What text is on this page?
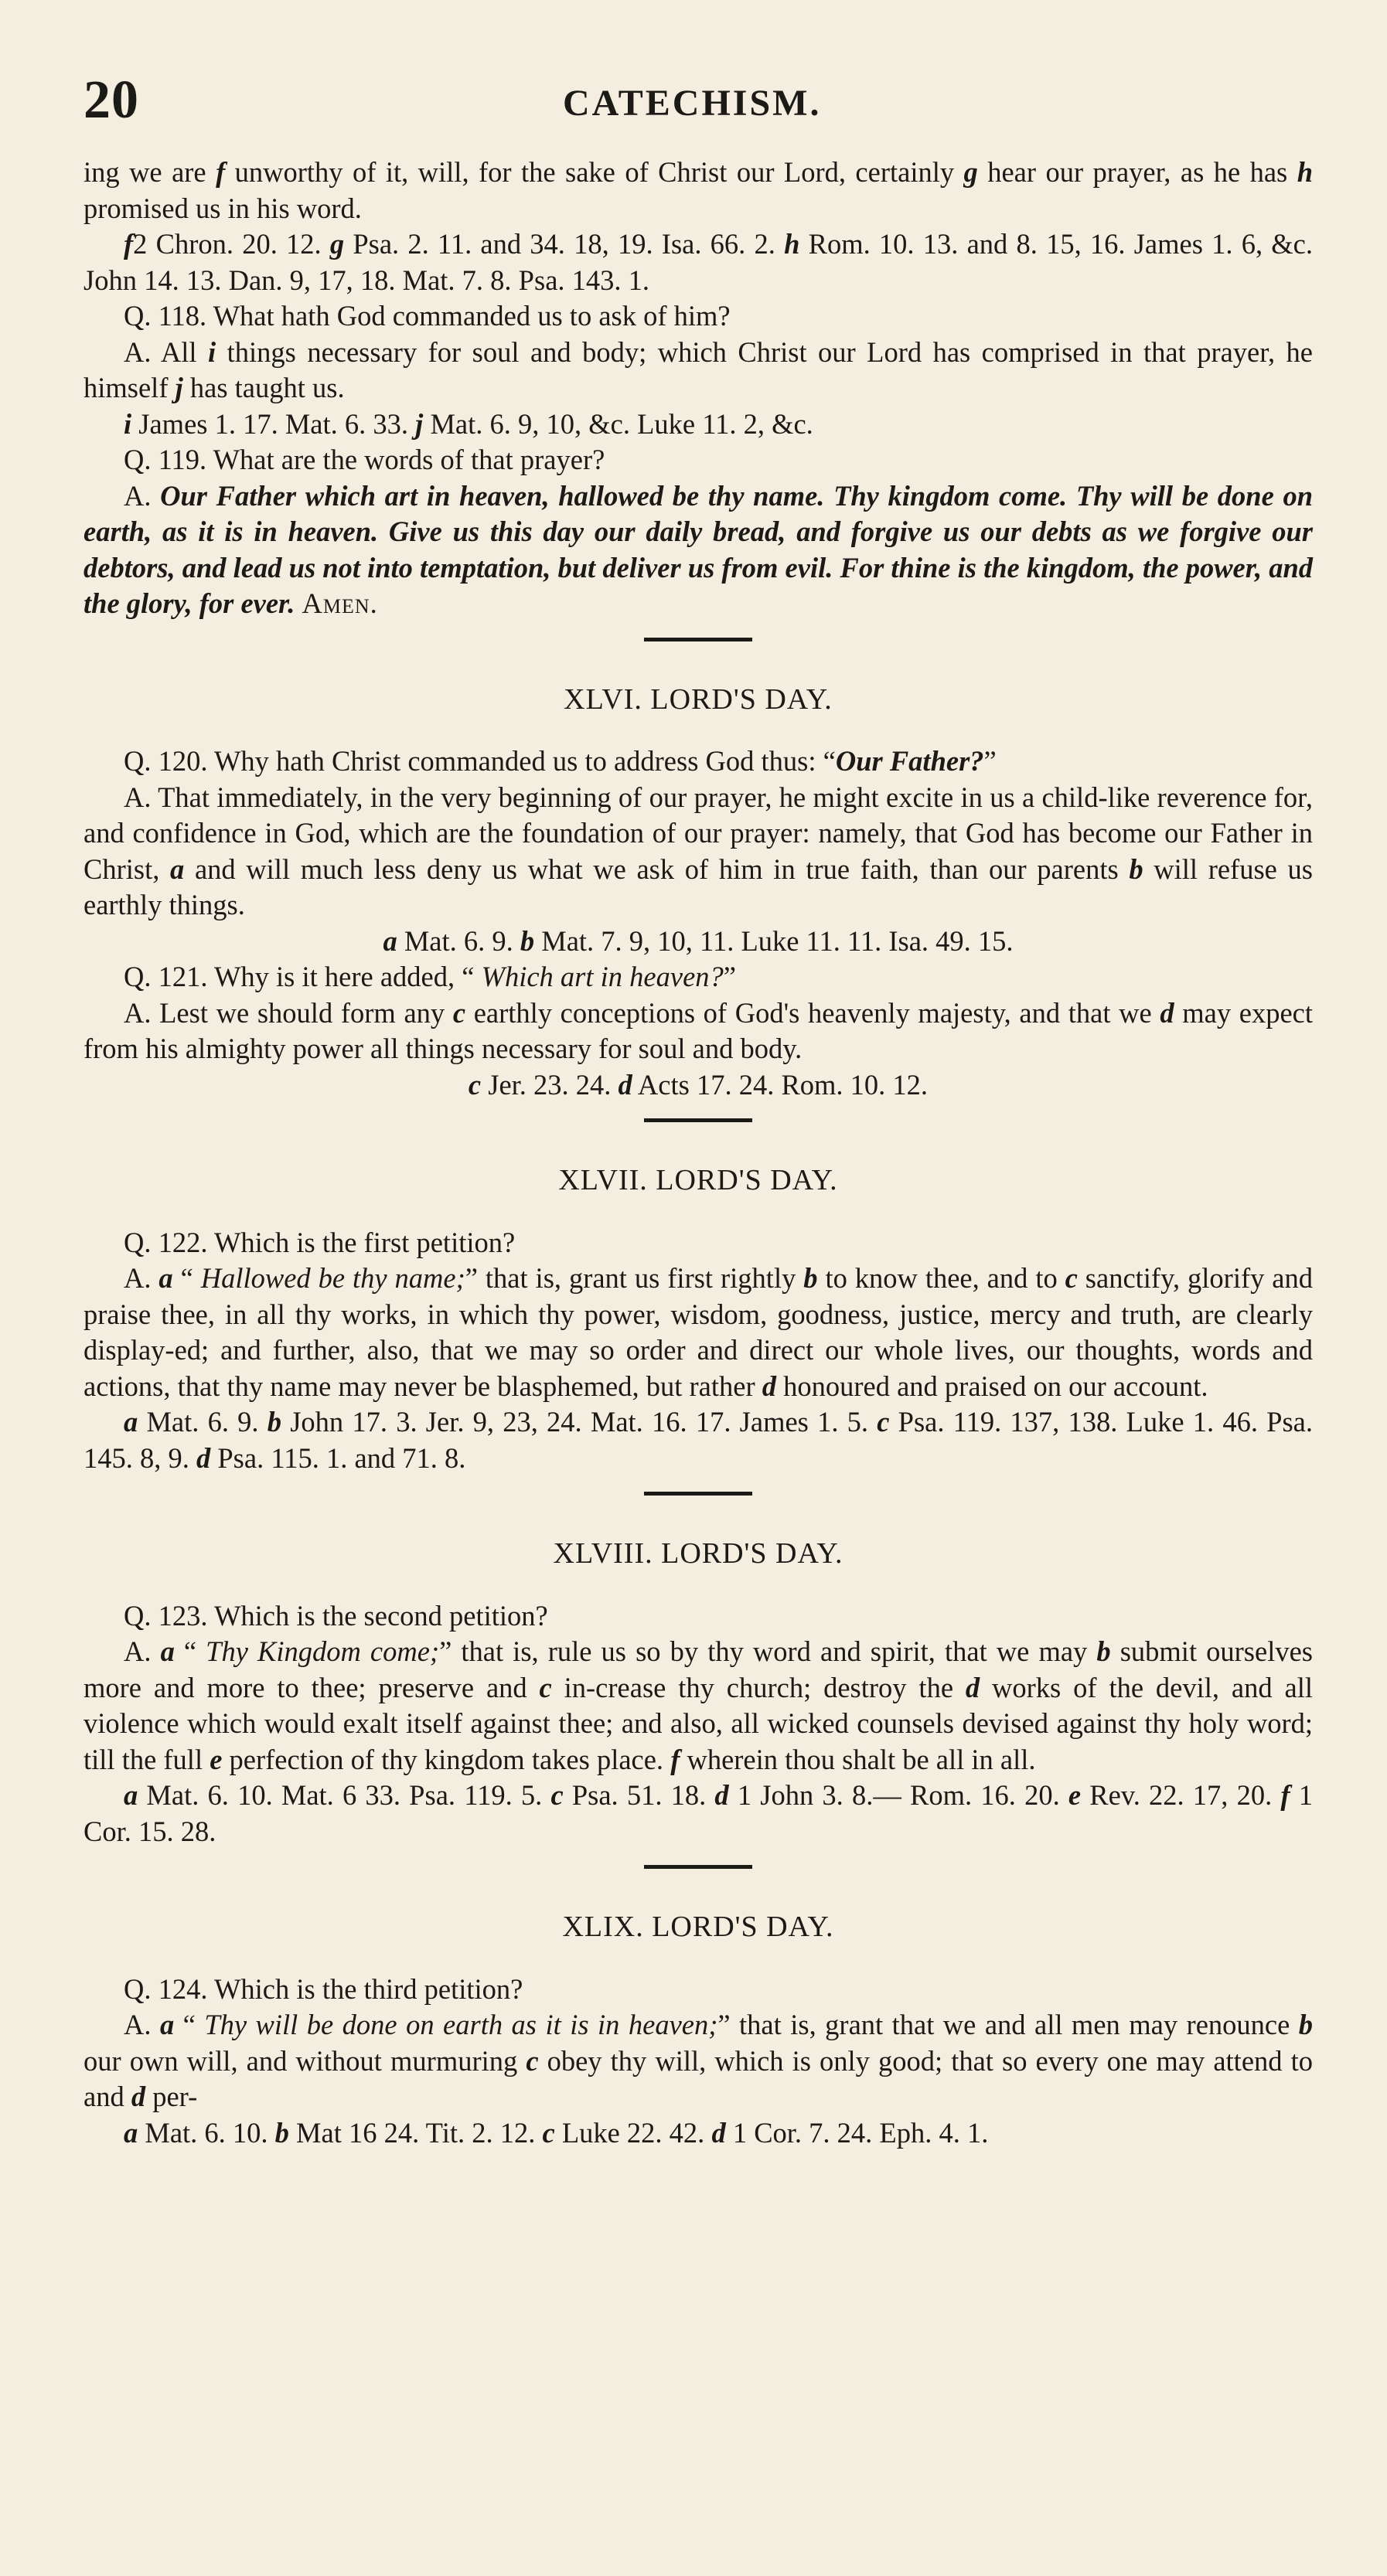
20	CATECHISM.

ing we are f unworthy of it, will, for the sake of Christ our Lord, certainly g hear our prayer, as he has h promised us in his word.

f2 Chron. 20. 12. g Psa. 2. 11. and 34. 18, 19. Isa. 66. 2. h Rom. 10. 13. and 8. 15, 16. James 1. 6, &c. John 14. 13. Dan. 9, 17, 18. Mat. 7. 8. Psa. 143. 1.

Q. 118. What hath God commanded us to ask of him?

A. All i things necessary for soul and body; which Christ our Lord has comprised in that prayer, he himself j has taught us.

i James 1. 17. Mat. 6. 33. j Mat. 6. 9, 10, &c. Luke 11. 2, &c.

Q. 119. What are the words of that prayer?

A. Our Father which art in heaven, hallowed be thy name. Thy kingdom come. Thy will be done on earth, as it is in heaven. Give us this day our daily bread, and forgive us our debts as we forgive our debtors, and lead us not into temptation, but deliver us from evil. For thine is the kingdom, the power, and the glory, for ever. Amen.

XLVI. LORD'S DAY.

Q. 120. Why hath Christ commanded us to address God thus: “Our Father?”

A. That immediately, in the very beginning of our prayer, he might excite in us a child-like reverence for, and confidence in God, which are the foundation of our prayer: namely, that God has become our Father in Christ, a and will much less deny us what we ask of him in true faith, than our parents b will refuse us earthly things.

a Mat. 6. 9. b Mat. 7. 9, 10, 11. Luke 11. 11. Isa. 49. 15.

Q. 121. Why is it here added, “ Which art in heaven?”

A. Lest we should form any c earthly conceptions of God's heavenly majesty, and that we d may expect from his almighty power all things necessary for soul and body.

c Jer. 23. 24. d Acts 17. 24. Rom. 10. 12.

XLVII. LORD'S DAY.

Q. 122. Which is the first petition?

A. a “ Hallowed be thy name;” that is, grant us first rightly b to know thee, and to c sanctify, glorify and praise thee, in all thy works, in which thy power, wisdom, goodness, justice, mercy and truth, are clearly display-ed; and further, also, that we may so order and direct our whole lives, our thoughts, words and actions, that thy name may never be blasphemed, but rather d honoured and praised on our account.

a Mat. 6. 9. b John 17. 3. Jer. 9, 23, 24. Mat. 16. 17. James 1. 5. c Psa. 119. 137, 138. Luke 1. 46. Psa. 145. 8, 9. d Psa. 115. 1. and 71. 8.

XLVIII. LORD'S DAY.

Q. 123. Which is the second petition?

A. a “ Thy Kingdom come;” that is, rule us so by thy word and spirit, that we may b submit ourselves more and more to thee; preserve and c in-crease thy church; destroy the d works of the devil, and all violence which would exalt itself against thee; and also, all wicked counsels devised against thy holy word; till the full e perfection of thy kingdom takes place. f wherein thou shalt be all in all.

a Mat. 6. 10. Mat. 6 33. Psa. 119. 5. c Psa. 51. 18. d 1 John 3. 8.— Rom. 16. 20. e Rev. 22. 17, 20. f 1 Cor. 15. 28.

XLIX. LORD'S DAY.

Q. 124. Which is the third petition?

A. a “ Thy will be done on earth as it is in heaven;” that is, grant that we and all men may renounce b our own will, and without murmuring c obey thy will, which is only good; that so every one may attend to and d per-

a Mat. 6. 10. b Mat 16 24. Tit. 2. 12. c Luke 22. 42. d 1 Cor. 7. 24. Eph. 4. 1.
